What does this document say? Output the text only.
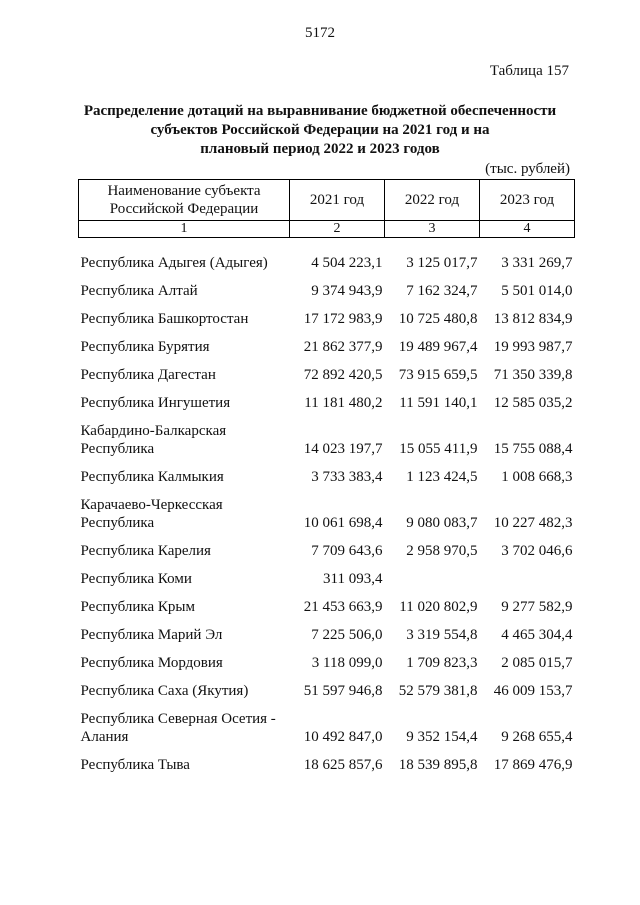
5172
Таблица 157
Распределение дотаций на выравнивание бюджетной обеспеченности
субъектов Российской Федерации на 2021 год и на
плановый период 2022 и 2023 годов
(тыс. рублей)
Наименование субъекта
Российской Федерации	2021 год	2022 год	2023 год
1	2	3	4

Республика Адыгея (Адыгея)	4 504 223,1	3 125 017,7	3 331 269,7

Республика Алтай	9 374 943,9	7 162 324,7	5 501 014,0

Республика Башкортостан	17 172 983,9	10 725 480,8	13 812 834,9

Республика Бурятия	21 862 377,9	19 489 967,4	19 993 987,7

Республика Дагестан	72 892 420,5	73 915 659,5	71 350 339,8

Республика Ингушетия	11 181 480,2	11 591 140,1	12 585 035,2

Кабардино-Балкарская
Республика	14 023 197,7	15 055 411,9	15 755 088,4

Республика Калмыкия	3 733 383,4	1 123 424,5	1 008 668,3

Карачаево-Черкесская
Республика	10 061 698,4	9 080 083,7	10 227 482,3

Республика Карелия	7 709 643,6	2 958 970,5	3 702 046,6

Республика Коми	311 093,4		

Республика Крым	21 453 663,9	11 020 802,9	9 277 582,9

Республика Марий Эл	7 225 506,0	3 319 554,8	4 465 304,4

Республика Мордовия	3 118 099,0	1 709 823,3	2 085 015,7

Республика Саха (Якутия)	51 597 946,8	52 579 381,8	46 009 153,7

Республика Северная Осетия -
Алания	10 492 847,0	9 352 154,4	9 268 655,4

Республика Тыва	18 625 857,6	18 539 895,8	17 869 476,9
